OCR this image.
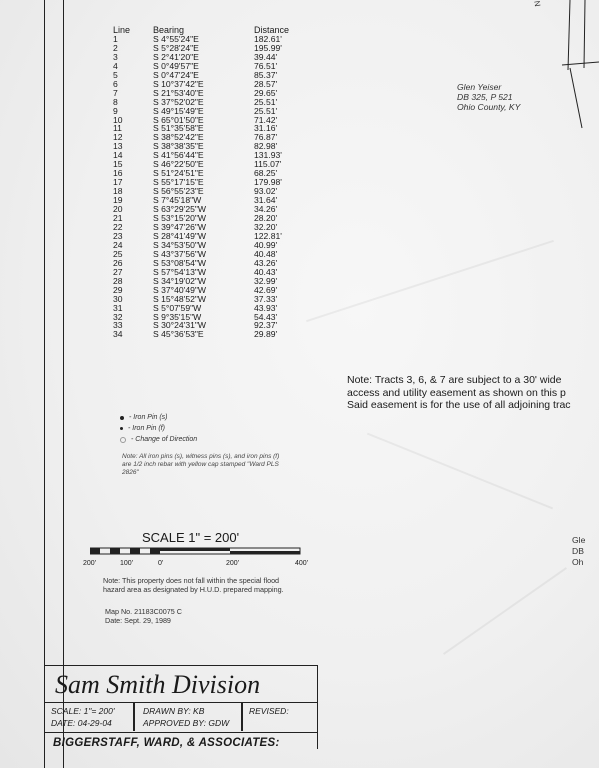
N
Line	Bearing	Distance
1	S 4°55'24"E	182.61'
2	S 5°28'24"E	195.99'
3	S 2°41'20"E	39.44'
4	S 0°49'57"E	76.51'
5	S 0°47'24"E	85.37'
6	S 10°37'42"E	28.57'
7	S 21°53'40"E	29.65'
8	S 37°52'02"E	25.51'
9	S 49°15'49"E	25.51'
10	S 65°01'50"E	71.42'
11	S 51°35'58"E	31.16'
12	S 38°52'42"E	76.87'
13	S 38°38'35"E	82.98'
14	S 41°56'44"E	131.93'
15	S 46°22'50"E	115.07'
16	S 51°24'51"E	68.25'
17	S 55°17'15"E	179.98'
18	S 56°55'23"E	93.02'
19	S 7°45'18"W	31.64'
20	S 63°29'25"W	34.26'
21	S 53°15'20"W	28.20'
22	S 39°47'26"W	32.20'
23	S 28°41'49"W	122.81'
24	S 34°53'50"W	40.99'
25	S 43°37'56"W	40.48'
26	S 53°08'54"W	43.26'
27	S 57°54'13"W	40.43'
28	S 34°19'02"W	32.99'
29	S 37°40'49"W	42.69'
30	S 15°48'52"W	37.33'
31	S 5°07'59"W	43.93'
32	S 9°35'15"W	54.43'
33	S 30°24'31"W	92.37'
34	S 45°36'53"E	29.89'
Glen Yeiser
DB 325, P 521
Ohio County, KY
Gle
DB
Oh
Note: Tracts 3, 6, & 7 are subject to a 30' wide
access and utility easement as shown on this p
Said easement is for the use of all adjoining trac
- Iron Pin (s)
- Iron Pin (f)
- Change of Direction
Note: All iron pins (s), witness pins (s), and iron pins (f) are 1/2 inch rebar with yellow cap stamped "Ward PLS 2826"
SCALE 1" = 200'
200'	100'	0'	200'	400'
Note: This property does not fall within the special flood hazard area as designated by H.U.D. prepared mapping.
Map No. 21183C0075 C
Date: Sept. 29, 1989
Sam Smith Division
SCALE: 1"= 200'
DATE: 04-29-04
DRAWN BY: KB
APPROVED BY: GDW
REVISED:
BIGGERSTAFF, WARD, & ASSOCIATES:
